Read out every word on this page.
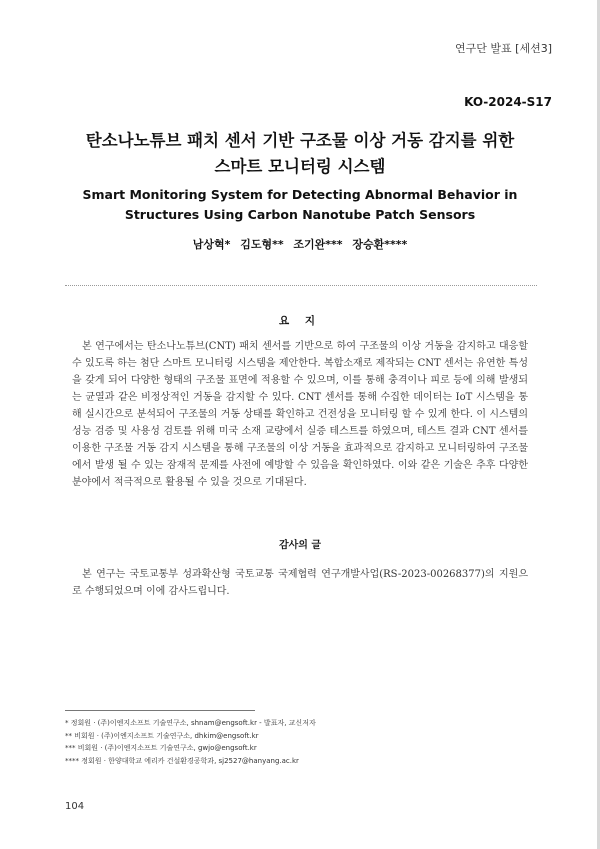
연구단 발표 [세션3]
KO-2024-S17
탄소나노튜브 패치 센서 기반 구조물 이상 거동 감지를 위한
스마트 모니터링 시스템
Smart Monitoring System for Detecting Abnormal Behavior in
Structures Using Carbon Nanotube Patch Sensors
남상혁* 김도형** 조기완*** 장승환****
요 지

본 연구에서는 탄소나노튜브(CNT) 패치 센서를 기반으로 하여 구조물의 이상 거동을 감지하고 대응할 수 있도록 하는 첨단 스마트 모니터링 시스템을 제안한다. 복합소재로 제작되는 CNT 센서는 유연한 특성을 갖게 되어 다양한 형태의 구조물 표면에 적용할 수 있으며, 이를 통해 충격이나 피로 등에 의해 발생되는 균열과 같은 비정상적인 거동을 감지할 수 있다. CNT 센서를 통해 수집한 데이터는 IoT 시스템을 통해 실시간으로 분석되어 구조물의 거동 상태를 확인하고 건전성을 모니터링 할 수 있게 한다. 이 시스템의 성능 검증 및 사용성 검토를 위해 미국 소재 교량에서 실증 테스트를 하였으며, 테스트 결과 CNT 센서를 이용한 구조물 거동 감지 시스템을 통해 구조물의 이상 거동을 효과적으로 감지하고 모니터링하여 구조물에서 발생 될 수 있는 잠재적 문제를 사전에 예방할 수 있음을 확인하였다. 이와 같은 기술은 추후 다양한 분야에서 적극적으로 활용될 수 있을 것으로 기대된다.

감사의 글

본 연구는 국토교통부 성과확산형 국토교통 국제협력 연구개발사업(RS-2023-00268377)의 지원으로 수행되었으며 이에 감사드립니다.

* 정회원 · (주)이엔지소프트 기술연구소, shnam@engsoft.kr - 발표자, 교신저자
** 비회원 · (주)이엔지소프트 기술연구소, dhkim@engsoft.kr
*** 비회원 · (주)이엔지소프트 기술연구소, gwjo@engsoft.kr
**** 정회원 · 한양대학교 에리카 건설환경공학과, sj2527@hanyang.ac.kr
104
